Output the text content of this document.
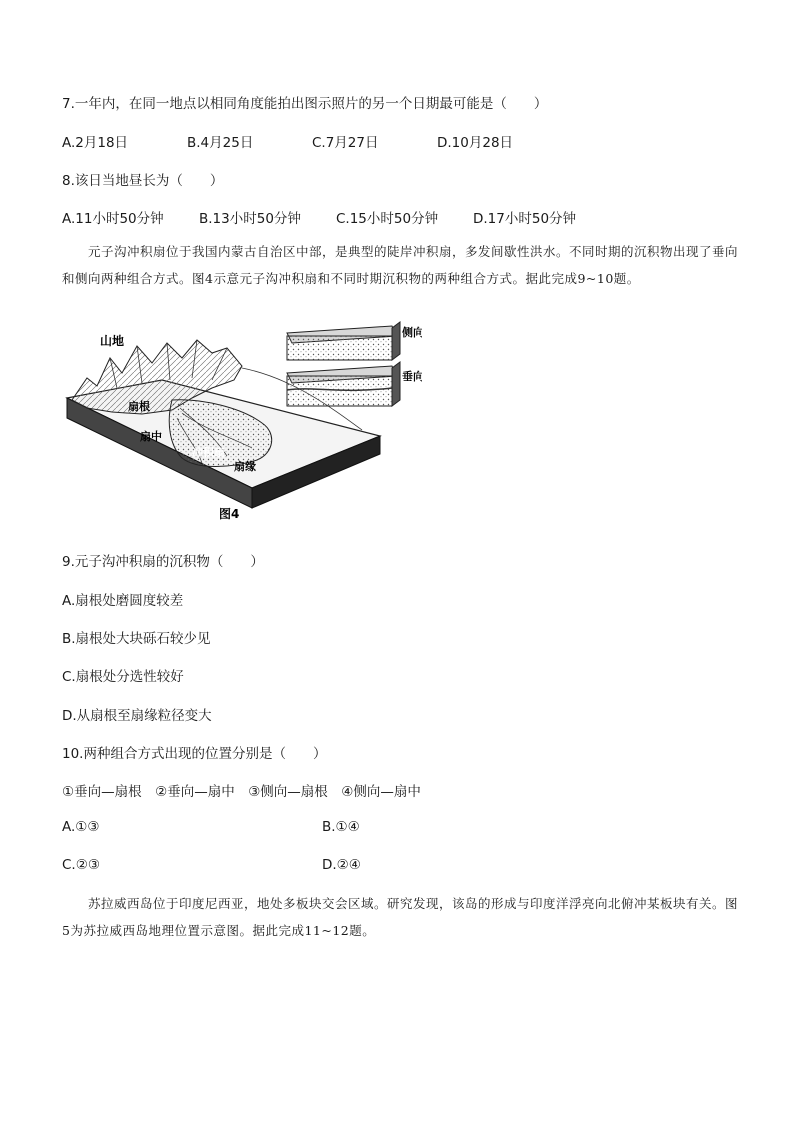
7.一年内，在同一地点以相同角度能拍出图示照片的另一个日期最可能是（　　）
A.2月18日	B.4月25日	C.7月27日	D.10月28日
8.该日当地昼长为（　　）
A.11小时50分钟	B.13小时50分钟	C.15小时50分钟	D.17小时50分钟
元子沟冲积扇位于我国内蒙古自治区中部，是典型的陡岸冲积扇，多发间歇性洪水。不同时期的沉积物出现了垂向和侧向两种组合方式。图4示意元子沟冲积扇和不同时期沉积物的两种组合方式。据此完成9~10题。
山地
扇根
扇中
冲积扇
扇缘
侧向
垂向
图4
9.元子沟冲积扇的沉积物（　　）
A.扇根处磨圆度较差
B.扇根处大块砾石较少见
C.扇根处分选性较好
D.从扇根至扇缘粒径变大
10.两种组合方式出现的位置分别是（　　）
①垂向—扇根　②垂向—扇中　③侧向—扇根　④侧向—扇中
A.①③	B.①④
C.②③	D.②④
苏拉威西岛位于印度尼西亚，地处多板块交会区域。研究发现，该岛的形成与印度洋浮亮向北俯冲某板块有关。图5为苏拉威西岛地理位置示意图。据此完成11~12题。
